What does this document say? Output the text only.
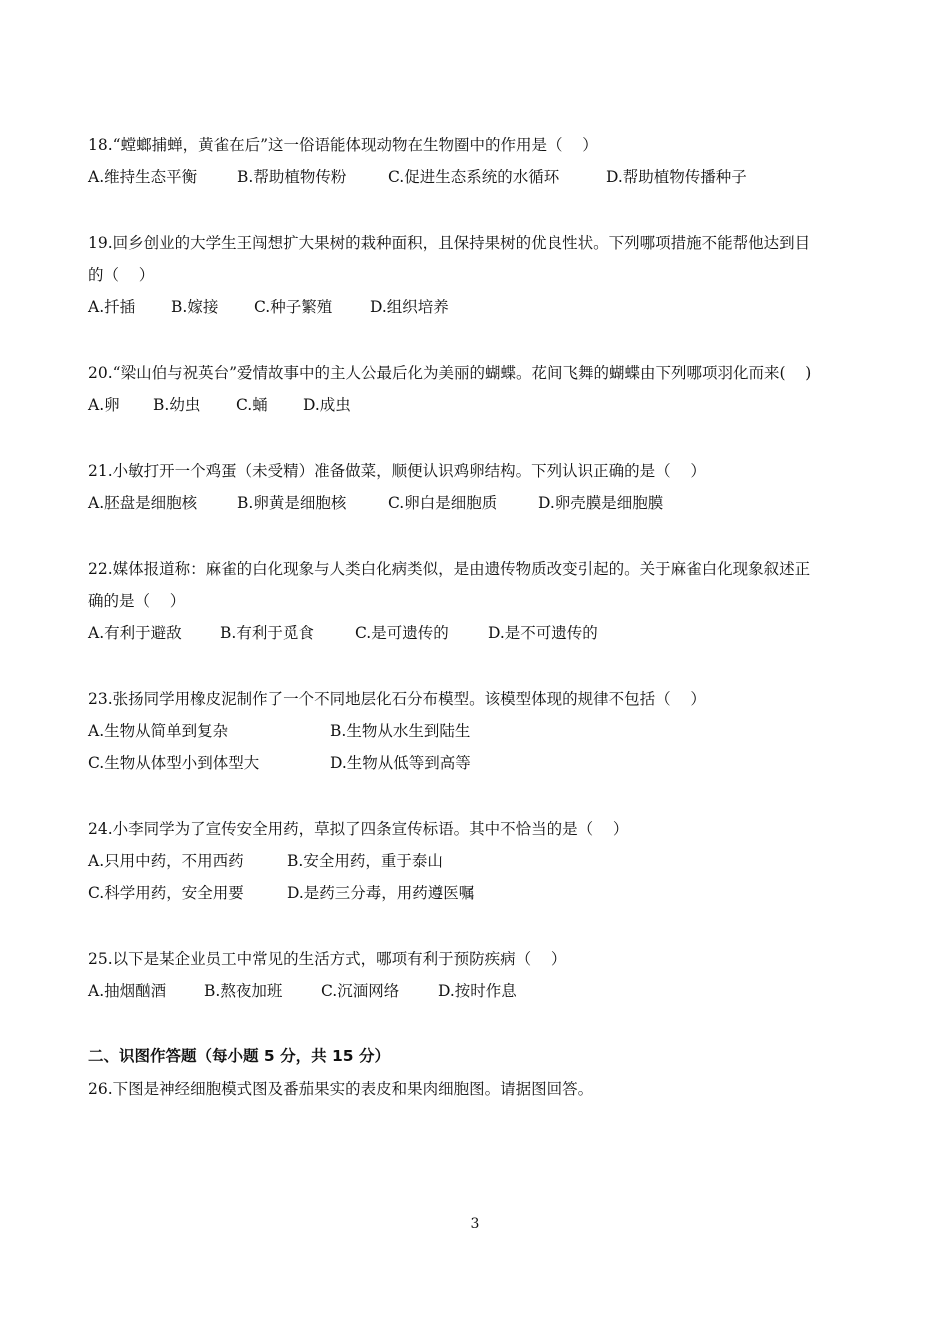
18.“螳螂捕蝉，黄雀在后”这一俗语能体现动物在生物圈中的作用是（    ）
A.维持生态平衡	B.帮助植物传粉	C.促进生态系统的水循环	D.帮助植物传播种子
19.回乡创业的大学生王闯想扩大果树的栽种面积，且保持果树的优良性状。下列哪项措施不能帮他达到目
的（    ）
A.扦插 B.嫁接 C.种子繁殖 D.组织培养
20.“梁山伯与祝英台”爱情故事中的主人公最后化为美丽的蝴蝶。花间飞舞的蝴蝶由下列哪项羽化而来(    )
A.卵 B.幼虫 C.蛹 D.成虫
21.小敏打开一个鸡蛋（未受精）准备做菜，顺便认识鸡卵结构。下列认识正确的是（    ）
A.胚盘是细胞核	B.卵黄是细胞核	C.卵白是细胞质	D.卵壳膜是细胞膜
22.媒体报道称：麻雀的白化现象与人类白化病类似，是由遗传物质改变引起的。关于麻雀白化现象叙述正
确的是（    ）
A.有利于避敌 B.有利于觅食	C.是可遗传的	D.是不可遗传的
23.张扬同学用橡皮泥制作了一个不同地层化石分布模型。该模型体现的规律不包括（    ）
A.生物从简单到复杂	B.生物从水生到陆生
C.生物从体型小到体型大	D.生物从低等到高等
24.小李同学为了宣传安全用药，草拟了四条宣传标语。其中不恰当的是（    ）
A.只用中药，不用西药	B.安全用药，重于泰山
C.科学用药，安全用要	D.是药三分毒，用药遵医嘱
25.以下是某企业员工中常见的生活方式，哪项有利于预防疾病（    ）
A.抽烟酗酒 B.熬夜加班 C.沉湎网络	D.按时作息
二、识图作答题（每小题 5 分，共 15 分）
26.下图是神经细胞模式图及番茄果实的表皮和果肉细胞图。请据图回答。
3
